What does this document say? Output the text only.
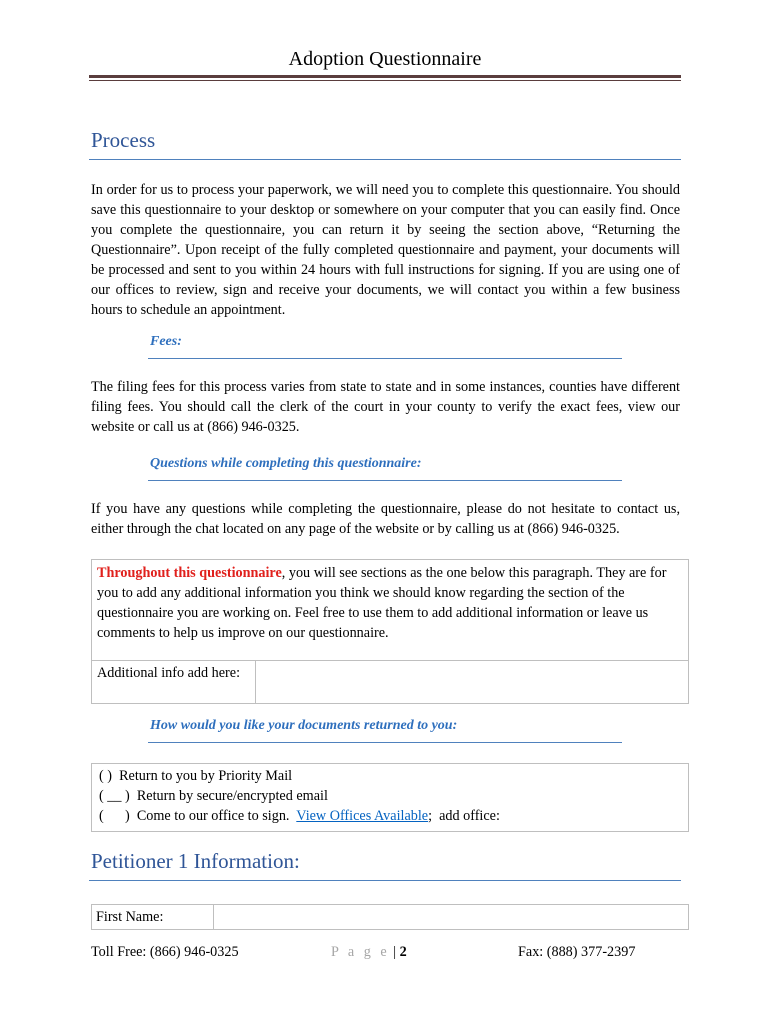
Adoption Questionnaire
Process

In order for us to process your paperwork, we will need you to complete this questionnaire. You should save this questionnaire to your desktop or somewhere on your computer that you can easily find. Once you complete the questionnaire, you can return it by seeing the section above, “Returning the Questionnaire”. Upon receipt of the fully completed questionnaire and payment, your documents will be processed and sent to you within 24 hours with full instructions for signing. If you are using one of our offices to review, sign and receive your documents, we will contact you within a few business hours to schedule an appointment.

Fees:

The filing fees for this process varies from state to state and in some instances, counties have different filing fees. You should call the clerk of the court in your county to verify the exact fees, view our website or call us at (866) 946-0325.

Questions while completing this questionnaire:

If you have any questions while completing the questionnaire, please do not hesitate to contact us, either through the chat located on any page of the website or by calling us at (866) 946-0325.

Throughout this questionnaire, you will see sections as the one below this paragraph. They are for you to add any additional information you think we should know regarding the section of the questionnaire you are working on. Feel free to use them to add additional information or leave us comments to help us improve on our questionnaire.

Additional info add here:
How would you like your documents returned to you:
( ) Return to you by Priority Mail
( __ ) Return by secure/encrypted email
(      ) Come to our office to sign.  View Offices Available;  add office:
Petitioner 1 Information:
First Name:
Toll Free: (866) 946-0325	P a g e | 2	Fax: (888) 377-2397
